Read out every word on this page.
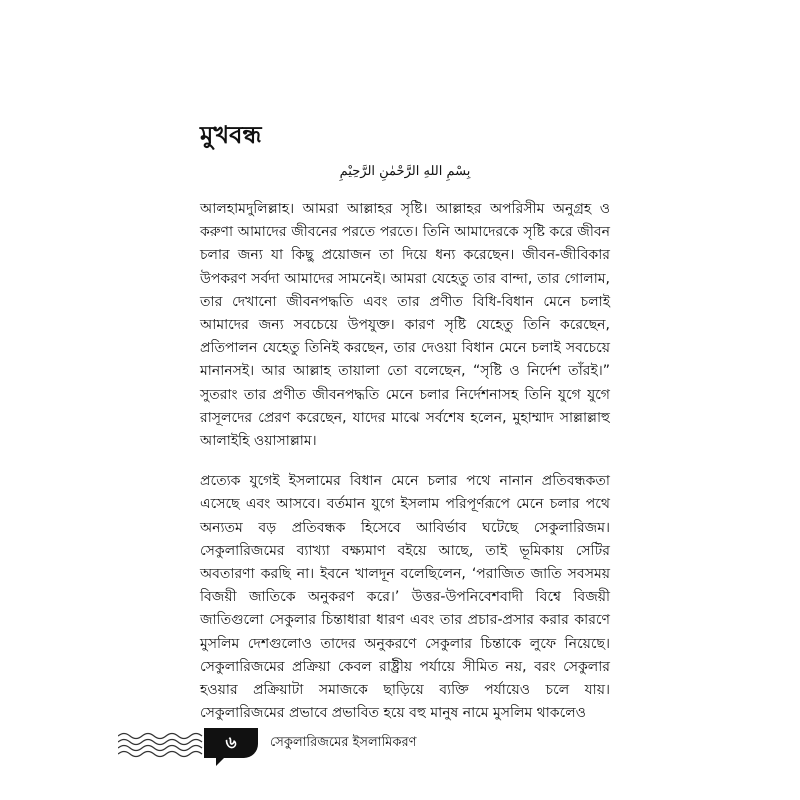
মুখবন্ধ
بِسْمِ اللهِ الرَّحْمٰنِ الرَّحِيْمِ

আলহামদুলিল্লাহ। আমরা আল্লাহর সৃষ্টি। আল্লাহর অপরিসীম অনুগ্রহ ও করুণা আমাদের জীবনের পরতে পরতে। তিনি আমাদেরকে সৃষ্টি করে জীবন চলার জন্য যা কিছু প্রয়োজন তা দিয়ে ধন্য করেছেন। জীবন-জীবিকার উপকরণ সর্বদা আমাদের সামনেই। আমরা যেহেতু তার বান্দা, তার গোলাম, তার দেখানো জীবনপদ্ধতি এবং তার প্রণীত বিধি-বিধান মেনে চলাই আমাদের জন্য সবচেয়ে উপযুক্ত। কারণ সৃষ্টি যেহেতু তিনি করেছেন, প্রতিপালন যেহেতু তিনিই করছেন, তার দেওয়া বিধান মেনে চলাই সবচেয়ে মানানসই। আর আল্লাহ তায়ালা তো বলেছেন, “সৃষ্টি ও নির্দেশ তাঁরই।” সুতরাং তার প্রণীত জীবনপদ্ধতি মেনে চলার নির্দেশনাসহ তিনি যুগে যুগে রাসূলদের প্রেরণ করেছেন, যাদের মাঝে সর্বশেষ হলেন, মুহাম্মাদ সাল্লাল্লাহু আলাইহি ওয়াসাল্লাম।

প্রত্যেক যুগেই ইসলামের বিধান মেনে চলার পথে নানান প্রতিবন্ধকতা এসেছে এবং আসবে। বর্তমান যুগে ইসলাম পরিপূর্ণরূপে মেনে চলার পথে অন্যতম বড় প্রতিবন্ধক হিসেবে আবির্ভাব ঘটেছে সেকুলারিজম। সেকুলারিজমের ব্যাখ্যা বক্ষ্যমাণ বইয়ে আছে, তাই ভূমিকায় সেটির অবতারণা করছি না। ইবনে খালদূন বলেছিলেন, ‘পরাজিত জাতি সবসময় বিজয়ী জাতিকে অনুকরণ করে।’ উত্তর-উপনিবেশবাদী বিশ্বে বিজয়ী জাতিগুলো সেকুলার চিন্তাধারা ধারণ এবং তার প্রচার-প্রসার করার কারণে মুসলিম দেশগুলোও তাদের অনুকরণে সেকুলার চিন্তাকে লুফে নিয়েছে। সেকুলারিজমের প্রক্রিয়া কেবল রাষ্ট্রীয় পর্যায়ে সীমিত নয়, বরং সেকুলার হওয়ার প্রক্রিয়াটা সমাজকে ছাড়িয়ে ব্যক্তি পর্যায়েও চলে যায়। সেকুলারিজমের প্রভাবে প্রভাবিত হয়ে বহু মানুষ নামে মুসলিম থাকলেও

৬	সেকুলারিজমের ইসলামিকরণ
